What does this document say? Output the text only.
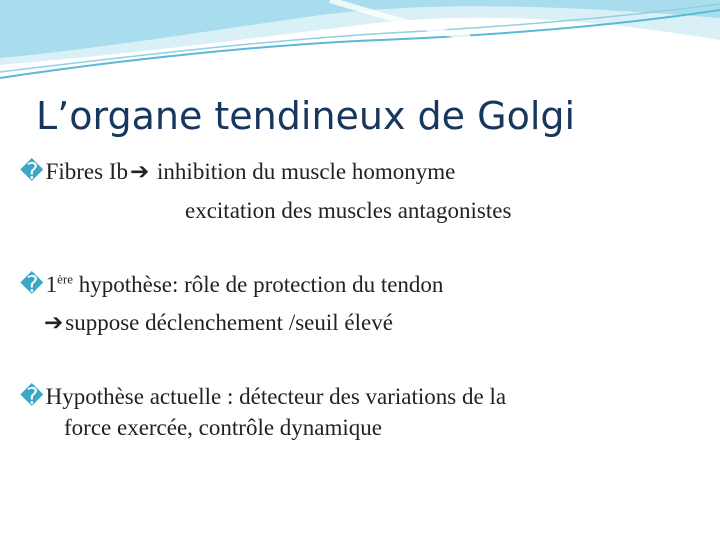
L’organe tendineux de Golgi
�Fibres Ib➔ inhibition du muscle homonyme
excitation des muscles antagonistes
�1ère hypothèse: rôle de protection du tendon
➔suppose déclenchement /seuil élevé
�Hypothèse actuelle : détecteur des variations de la
force exercée, contrôle dynamique
